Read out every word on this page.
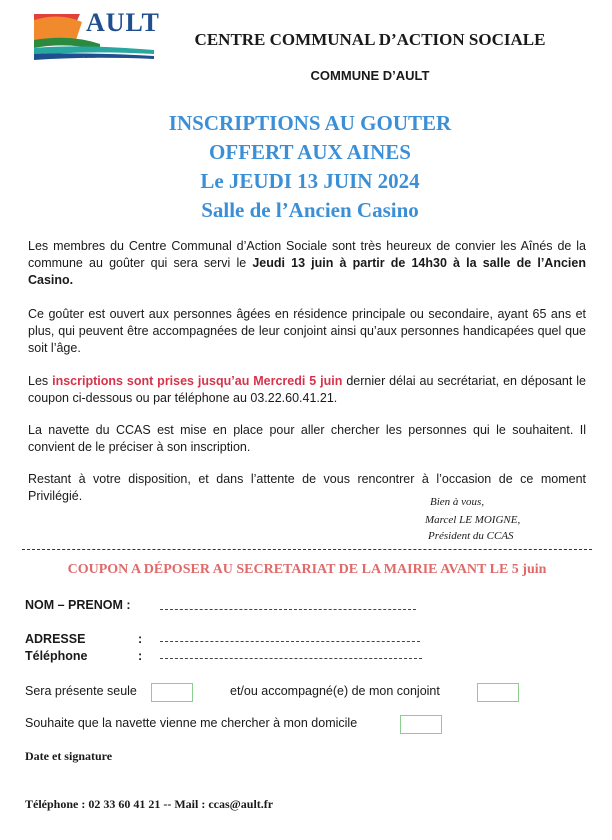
AULT
Onival - Bois de Cise
CENTRE COMMUNAL D’ACTION SOCIALE
COMMUNE D’AULT
INSCRIPTIONS AU GOUTER
OFFERT AUX AINES
Le JEUDI 13 JUIN 2024
Salle de l’Ancien Casino
Les membres du Centre Communal d’Action Sociale sont très heureux de convier les Aînés de la commune au goûter qui sera servi le Jeudi 13 juin à partir de 14h30 à la salle de l’Ancien Casino.
Ce goûter est ouvert aux personnes âgées en résidence principale ou secondaire, ayant 65 ans et plus, qui peuvent être accompagnées de leur conjoint ainsi qu’aux personnes handicapées quel que soit l’âge.
Les inscriptions sont prises jusqu’au Mercredi 5 juin dernier délai au secrétariat, en déposant le coupon ci-dessous ou par téléphone au 03.22.60.41.21.
La navette du CCAS est mise en place pour aller chercher les personnes qui le souhaitent. Il convient de le préciser à son inscription.
Restant à votre disposition, et dans l’attente de vous rencontrer à l’occasion de ce moment Privilégié.	Bien à vous,
Marcel LE MOIGNE,
Président du CCAS
COUPON A DÉPOSER AU SECRETARIAT DE LA MAIRIE AVANT LE 5 juin
NOM – PRENOM :
ADRESSE	:
Téléphone	:
Sera présente seule	et/ou accompagné(e) de mon conjoint
Souhaite que la navette vienne me chercher à mon domicile
Date et signature
Téléphone : 02 33 60 41 21 -- Mail : ccas@ault.fr
